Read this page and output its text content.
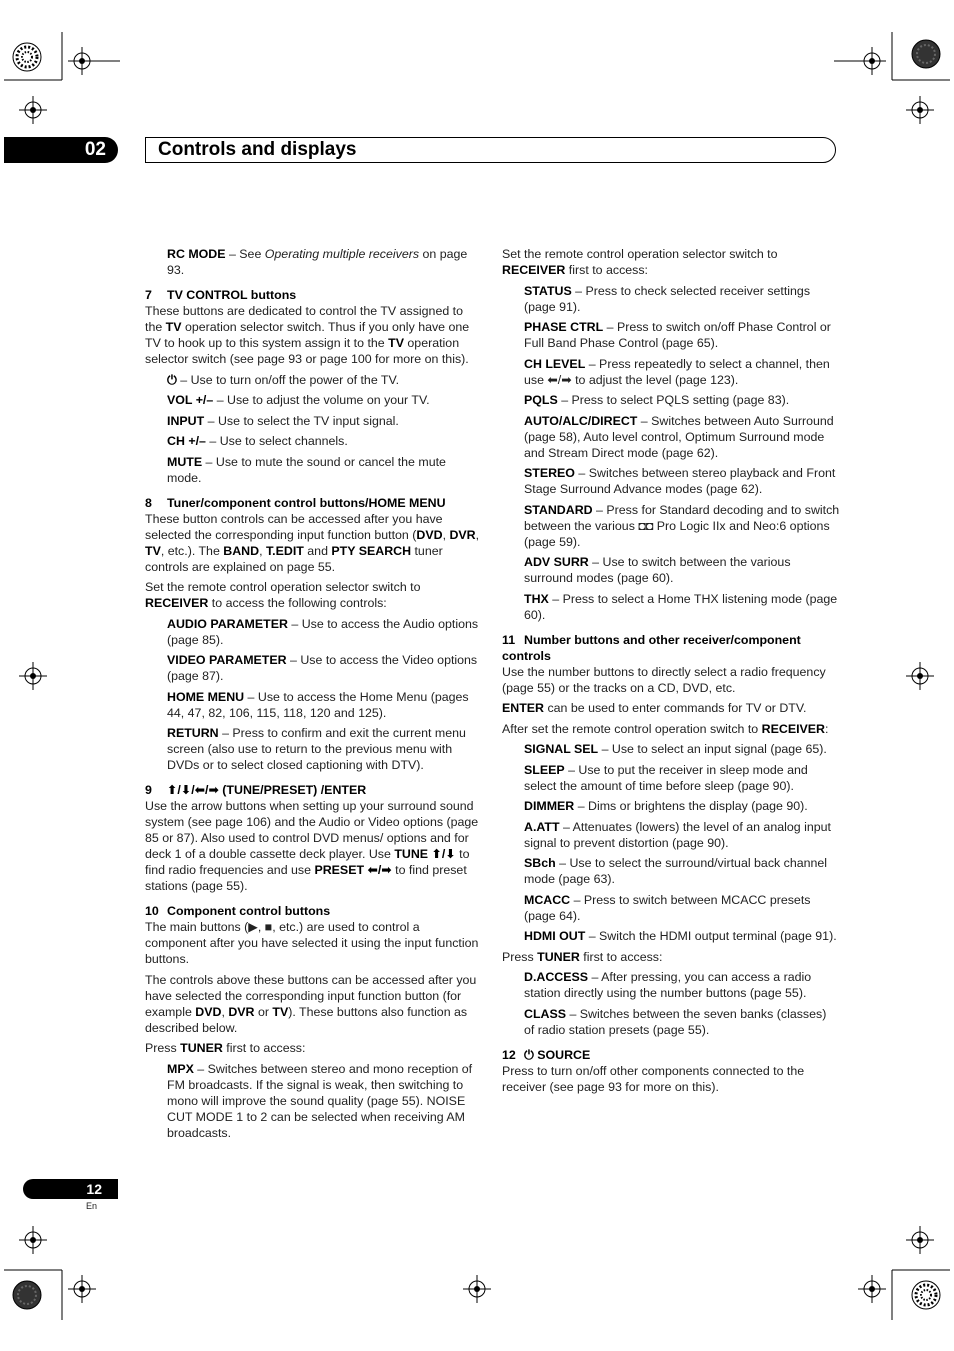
02	Controls and displays

RC MODE – See Operating multiple receivers on page 93.

7 TV CONTROL buttons

These buttons are dedicated to control the TV assigned to the TV operation selector switch. Thus if you only have one TV to hook up to this system assign it to the TV operation selector switch (see page 93 or page 100 for more on this).

⏻ – Use to turn on/off the power of the TV.

VOL +/– – Use to adjust the volume on your TV.

INPUT – Use to select the TV input signal.

CH +/– – Use to select channels.

MUTE – Use to mute the sound or cancel the mute mode.

8 Tuner/component control buttons/HOME MENU

These button controls can be accessed after you have selected the corresponding input function button (DVD, DVR, TV, etc.). The BAND, T.EDIT and PTY SEARCH tuner controls are explained on page 55.

Set the remote control operation selector switch to RECEIVER to access the following controls:

AUDIO PARAMETER – Use to access the Audio options (page 85).

VIDEO PARAMETER – Use to access the Video options (page 87).

HOME MENU – Use to access the Home Menu (pages 44, 47, 82, 106, 115, 118, 120 and 125).

RETURN – Press to confirm and exit the current menu screen (also use to return to the previous menu with DVDs or to select closed captioning with DTV).

9 ⬆/⬇/⬅/➡ (TUNE/PRESET) /ENTER

Use the arrow buttons when setting up your surround sound system (see page 106) and the Audio or Video options (page 85 or 87). Also used to control DVD menus/ options and for deck 1 of a double cassette deck player. Use TUNE ⬆/⬇ to find radio frequencies and use PRESET ⬅/➡ to find preset stations (page 55).

10 Component control buttons

The main buttons (▶, ■, etc.) are used to control a component after you have selected it using the input function buttons.

The controls above these buttons can be accessed after you have selected the corresponding input function button (for example DVD, DVR or TV). These buttons also function as described below.

Press TUNER first to access:

MPX – Switches between stereo and mono reception of FM broadcasts. If the signal is weak, then switching to mono will improve the sound quality (page 55). NOISE CUT MODE 1 to 2 can be selected when receiving AM broadcasts.

Set the remote control operation selector switch to RECEIVER first to access:

STATUS – Press to check selected receiver settings (page 91).

PHASE CTRL – Press to switch on/off Phase Control or Full Band Phase Control (page 65).

CH LEVEL – Press repeatedly to select a channel, then use ⬅/➡ to adjust the level (page 123).

PQLS – Press to select PQLS setting (page 83).

AUTO/ALC/DIRECT – Switches between Auto Surround (page 58), Auto level control, Optimum Surround mode and Stream Direct mode (page 62).

STEREO – Switches between stereo playback and Front Stage Surround Advance modes (page 62).

STANDARD – Press for Standard decoding and to switch between the various ◘◘ Pro Logic IIx and Neo:6 options (page 59).

ADV SURR – Use to switch between the various surround modes (page 60).

THX – Press to select a Home THX listening mode (page 60).

11 Number buttons and other receiver/component controls

Use the number buttons to directly select a radio frequency (page 55) or the tracks on a CD, DVD, etc.

ENTER can be used to enter commands for TV or DTV.

After set the remote control operation switch to RECEIVER:

SIGNAL SEL – Use to select an input signal (page 65).

SLEEP – Use to put the receiver in sleep mode and select the amount of time before sleep (page 90).

DIMMER – Dims or brightens the display (page 90).

A.ATT – Attenuates (lowers) the level of an analog input signal to prevent distortion (page 90).

SBch – Use to select the surround/virtual back channel mode (page 63).

MCACC – Press to switch between MCACC presets (page 64).

HDMI OUT – Switch the HDMI output terminal (page 91).

Press TUNER first to access:

D.ACCESS – After pressing, you can access a radio station directly using the number buttons (page 55).

CLASS – Switches between the seven banks (classes) of radio station presets (page 55).

12 ⏻ SOURCE

Press to turn on/off other components connected to the receiver (see page 93 for more on this).

12
En
